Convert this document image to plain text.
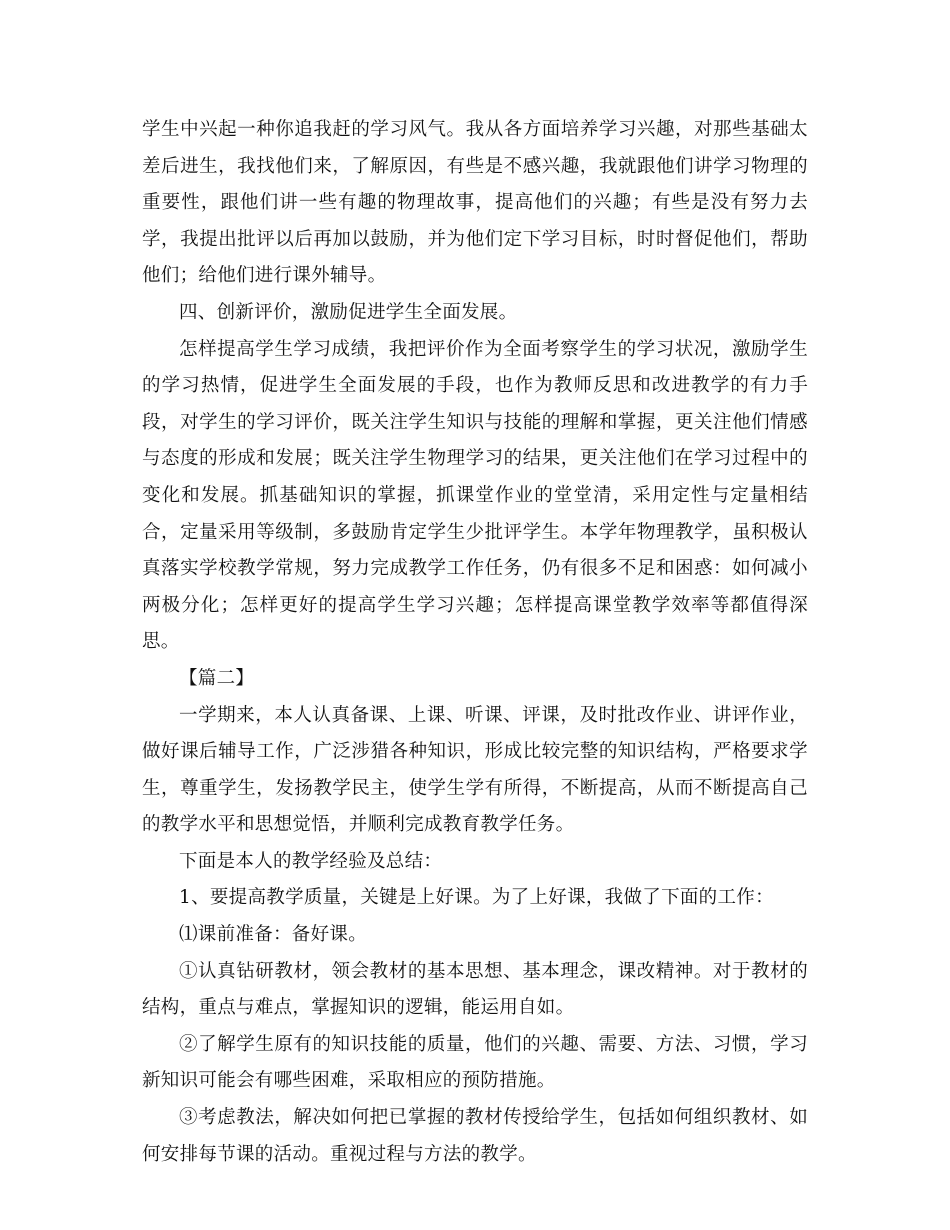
学生中兴起一种你追我赶的学习风气。我从各方面培养学习兴趣，对那些基础太差后进生，我找他们来，了解原因，有些是不感兴趣，我就跟他们讲学习物理的重要性，跟他们讲一些有趣的物理故事，提高他们的兴趣；有些是没有努力去学，我提出批评以后再加以鼓励，并为他们定下学习目标，时时督促他们，帮助他们；给他们进行课外辅导。

四、创新评价，激励促进学生全面发展。

怎样提高学生学习成绩，我把评价作为全面考察学生的学习状况，激励学生的学习热情，促进学生全面发展的手段，也作为教师反思和改进教学的有力手段，对学生的学习评价，既关注学生知识与技能的理解和掌握，更关注他们情感与态度的形成和发展；既关注学生物理学习的结果，更关注他们在学习过程中的变化和发展。抓基础知识的掌握，抓课堂作业的堂堂清，采用定性与定量相结合，定量采用等级制，多鼓励肯定学生少批评学生。本学年物理教学，虽积极认真落实学校教学常规，努力完成教学工作任务，仍有很多不足和困惑：如何减小两极分化；怎样更好的提高学生学习兴趣；怎样提高课堂教学效率等都值得深思。

【篇二】

一学期来，本人认真备课、上课、听课、评课，及时批改作业、讲评作业，做好课后辅导工作，广泛涉猎各种知识，形成比较完整的知识结构，严格要求学生，尊重学生，发扬教学民主，使学生学有所得，不断提高，从而不断提高自己的教学水平和思想觉悟，并顺利完成教育教学任务。

下面是本人的教学经验及总结：

1、要提高教学质量，关键是上好课。为了上好课，我做了下面的工作：

⑴课前准备：备好课。

①认真钻研教材，领会教材的基本思想、基本理念，课改精神。对于教材的结构，重点与难点，掌握知识的逻辑，能运用自如。

②了解学生原有的知识技能的质量，他们的兴趣、需要、方法、习惯，学习新知识可能会有哪些困难，采取相应的预防措施。

③考虑教法，解决如何把已掌握的教材传授给学生，包括如何组织教材、如何安排每节课的活动。重视过程与方法的教学。
